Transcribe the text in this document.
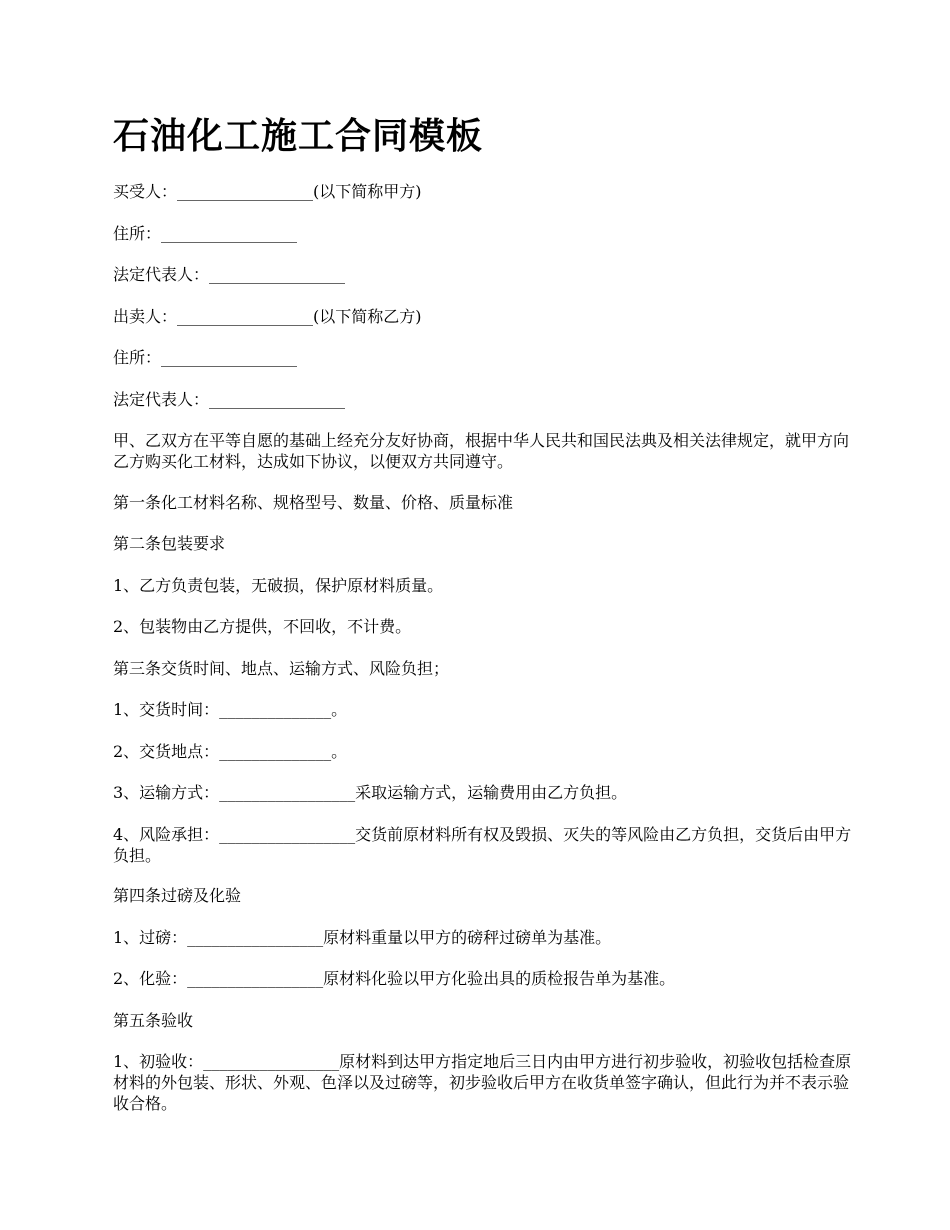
石油化工施工合同模板

买受人：_________________(以下简称甲方)

住所：_________________

法定代表人：_________________

出卖人：_________________(以下简称乙方)

住所：_________________

法定代表人：_________________

甲、乙双方在平等自愿的基础上经充分友好协商，根据中华人民共和国民法典及相关法律规定，就甲方向乙方购买化工材料，达成如下协议，以便双方共同遵守。

第一条化工材料名称、规格型号、数量、价格、质量标准

第二条包装要求

1、乙方负责包装，无破损，保护原材料质量。

2、包装物由乙方提供，不回收，不计费。

第三条交货时间、地点、运输方式、风险负担；

1、交货时间：______________。

2、交货地点：______________。

3、运输方式：_________________采取运输方式，运输费用由乙方负担。

4、风险承担：_________________交货前原材料所有权及毁损、灭失的等风险由乙方负担，交货后由甲方负担。

第四条过磅及化验

1、过磅：_________________原材料重量以甲方的磅秤过磅单为基准。

2、化验：_________________原材料化验以甲方化验出具的质检报告单为基准。

第五条验收

1、初验收：_________________原材料到达甲方指定地后三日内由甲方进行初步验收，初验收包括检查原材料的外包装、形状、外观、色泽以及过磅等，初步验收后甲方在收货单签字确认，但此行为并不表示验收合格。
